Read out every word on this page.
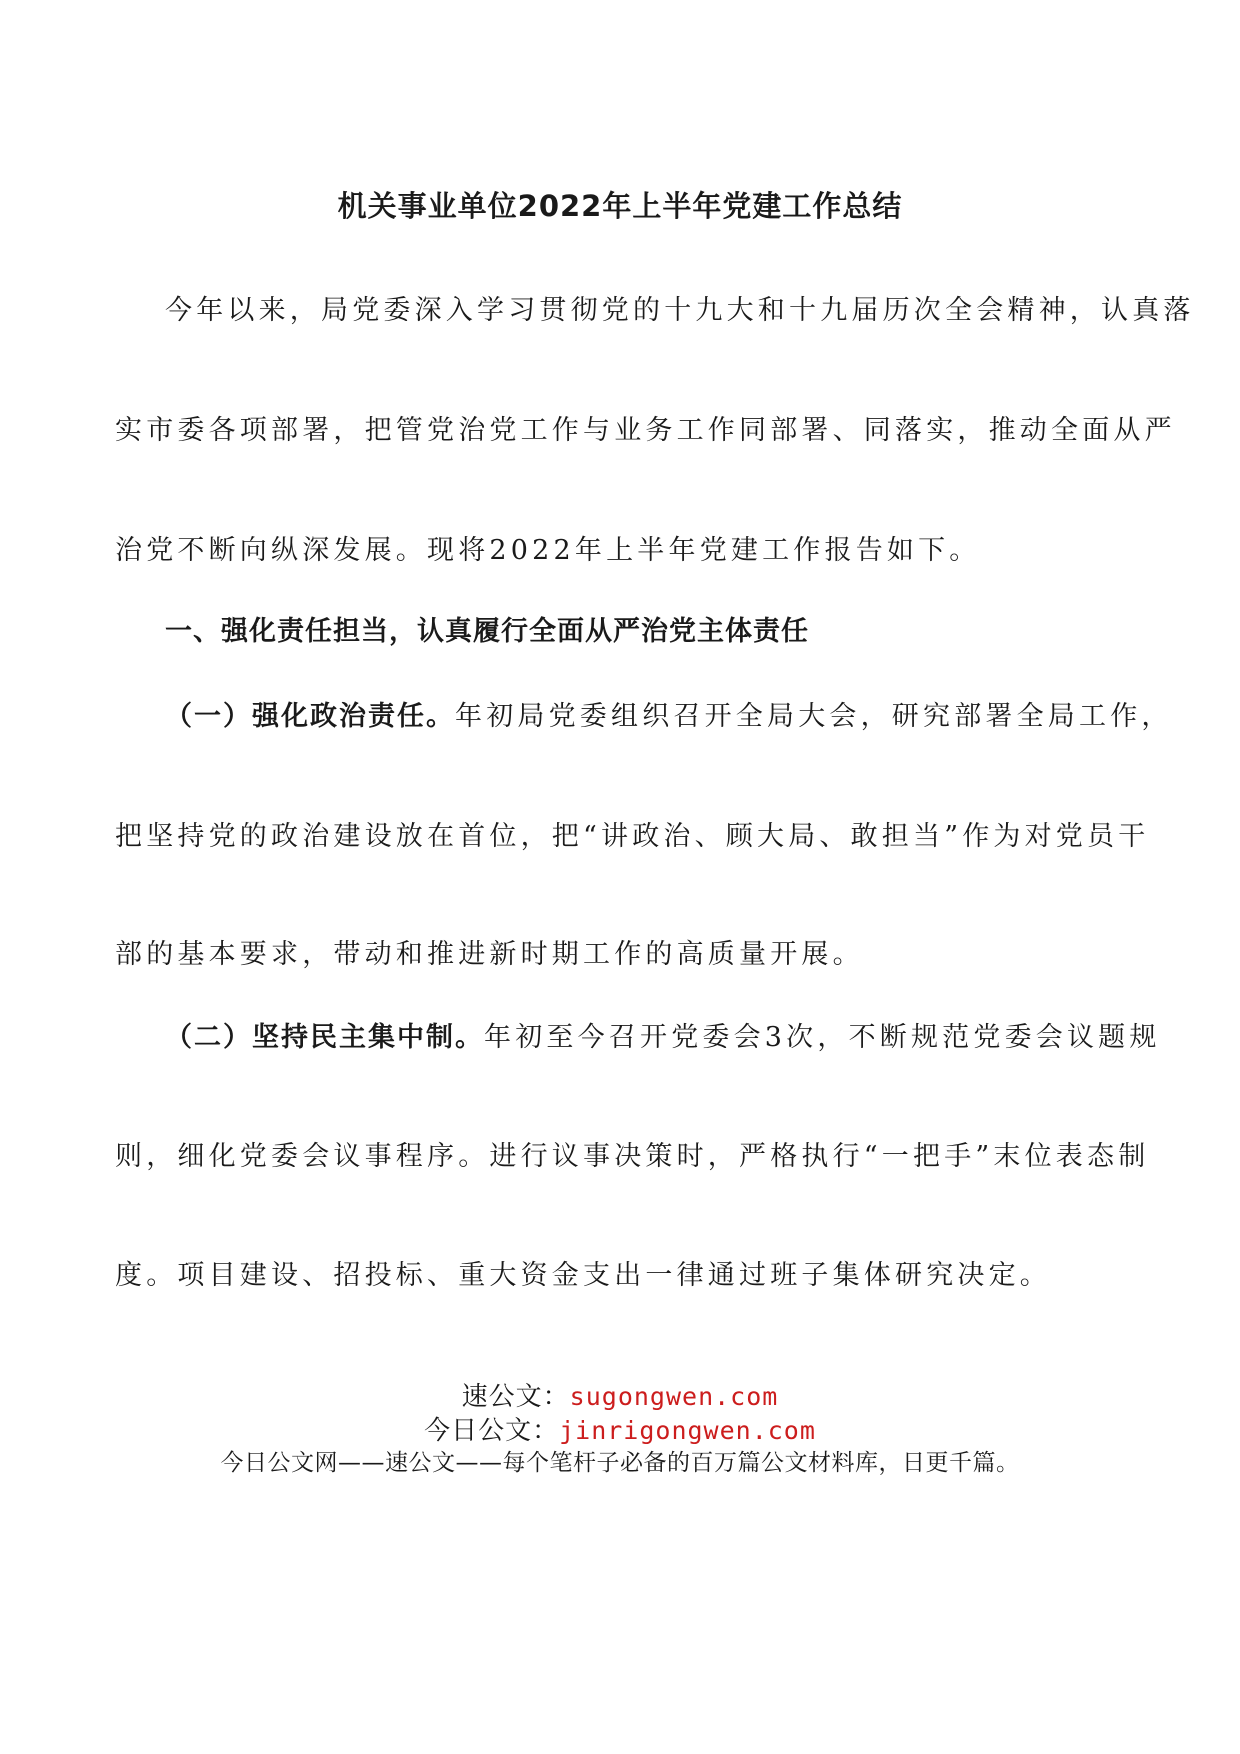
机关事业单位2022年上半年党建工作总结
今年以来，局党委深入学习贯彻党的十九大和十九届历次全会精神，认真落
实市委各项部署，把管党治党工作与业务工作同部署、同落实，推动全面从严
治党不断向纵深发展。现将2022年上半年党建工作报告如下。
一、强化责任担当，认真履行全面从严治党主体责任
（一）强化政治责任。年初局党委组织召开全局大会，研究部署全局工作，
把坚持党的政治建设放在首位，把“讲政治、顾大局、敢担当”作为对党员干
部的基本要求，带动和推进新时期工作的高质量开展。
（二）坚持民主集中制。年初至今召开党委会3次，不断规范党委会议题规
则，细化党委会议事程序。进行议事决策时，严格执行“一把手”末位表态制
度。项目建设、招投标、重大资金支出一律通过班子集体研究决定。
速公文：sugongwen.com
今日公文：jinrigongwen.com
今日公文网——速公文——每个笔杆子必备的百万篇公文材料库，日更千篇。
